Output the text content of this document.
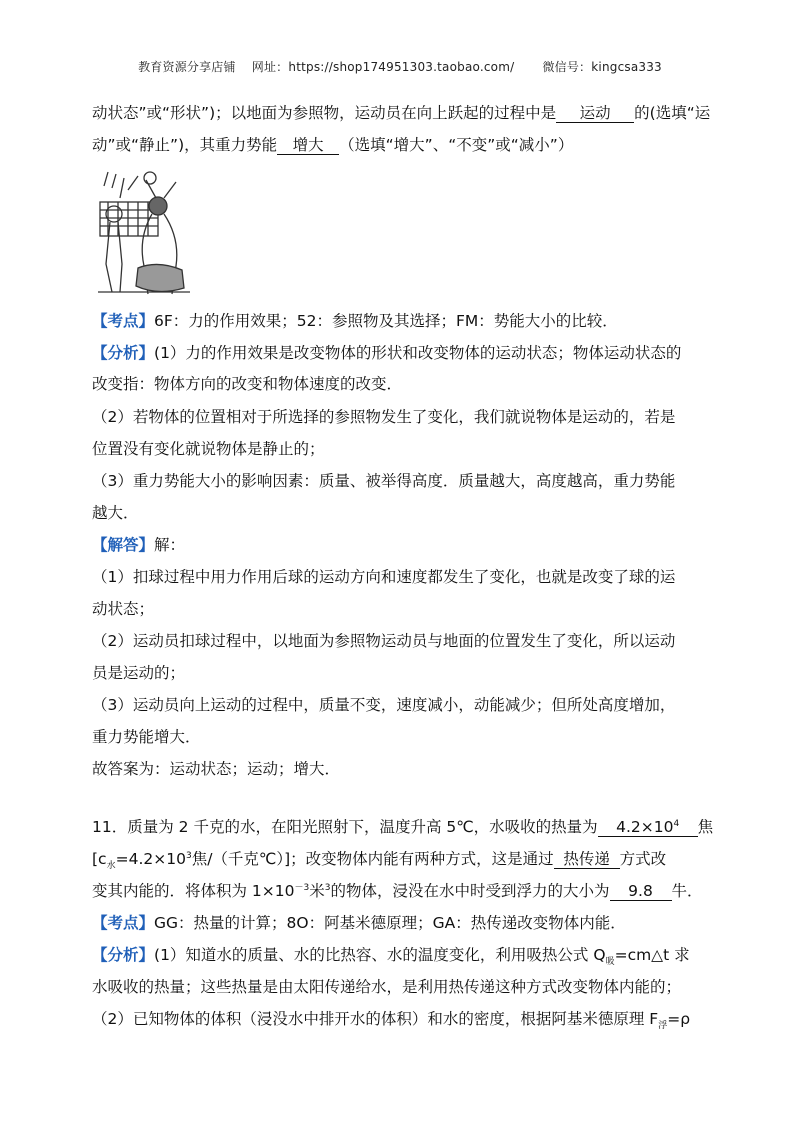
教育资源分享店铺 网址：https://shop174951303.taobao.com/ 微信号：kingcsa333
动状态”或“形状”)；以地面为参照物，运动员在向上跃起的过程中是 运动 的(选填“运
动”或“静止”)，其重力势能 增大 （选填“增大”、“不变”或“减小”）
【考点】6F：力的作用效果；52：参照物及其选择；FM：势能大小的比较．
【分析】(1）力的作用效果是改变物体的形状和改变物体的运动状态；物体运动状态的
改变指：物体方向的改变和物体速度的改变．
（2）若物体的位置相对于所选择的参照物发生了变化，我们就说物体是运动的，若是
位置没有变化就说物体是静止的；
（3）重力势能大小的影响因素：质量、被举得高度．质量越大，高度越高，重力势能
越大．
【解答】解：
（1）扣球过程中用力作用后球的运动方向和速度都发生了变化，也就是改变了球的运
动状态；
（2）运动员扣球过程中，以地面为参照物运动员与地面的位置发生了变化，所以运动
员是运动的；
（3）运动员向上运动的过程中，质量不变，速度减小，动能减少；但所处高度增加，
重力势能增大．
故答案为：运动状态；运动；增大．
11．质量为 2 千克的水，在阳光照射下，温度升高 5℃，水吸收的热量为 $4.2\times 10^4$ 焦
[$c_水=4.2\times 10^3$焦/（千克℃）]；改变物体内能有两种方式，这是通过 热传递 方式改
变其内能的．将体积为 $1\times 10^{-3}$米$^3$的物体，浸没在水中时受到浮力的大小为 9.8 牛．
【考点】GG：热量的计算；8O：阿基米德原理；GA：热传递改变物体内能．
【分析】(1）知道水的质量、水的比热容、水的温度变化，利用吸热公式 $Q_吸=cm\triangle t$ 求
水吸收的热量；这些热量是由太阳传递给水，是利用热传递这种方式改变物体内能的；
（2）已知物体的体积（浸没水中排开水的体积）和水的密度，根据阿基米德原理 $F_浮=\rho$
